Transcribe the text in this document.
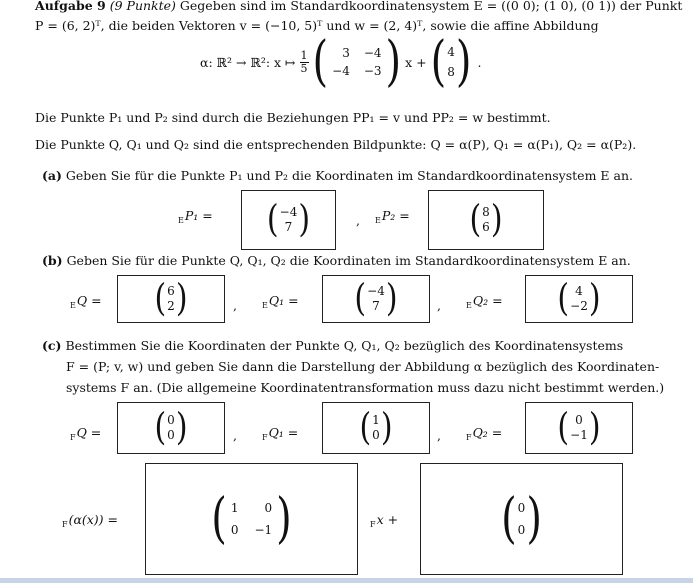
Aufgabe 9 (9 Punkte) Gegeben sind im Standardkoordinatensystem E = ((0 0); (1 0), (0 1)) der Punkt
P = (6, 2)ᵀ, die beiden Vektoren v = (−10, 5)ᵀ und w = (2, 4)ᵀ, sowie die affine Abbildung
α: ℝ² → ℝ²: x ↦ $\frac{1}{5}$ (	3 −4
−4 −3 ) x + ( 4
8 ) .
Die Punkte P₁ und P₂ sind durch die Beziehungen PP₁ = v und PP₂ = w bestimmt.
Die Punkte Q, Q₁ und Q₂ sind die entsprechenden Bildpunkte: Q = α(P), Q₁ = α(P₁), Q₂ = α(P₂).
(a) Geben Sie für die Punkte P₁ und P₂ die Koordinaten im Standardkoordinatensystem E an.
$_E$P₁ = ( −4
7 )	, $_E$P₂ = ( 8
6 )
(b) Geben Sie für die Punkte Q, Q₁, Q₂ die Koordinaten im Standardkoordinatensystem E an.
$_E$Q = ( 6
2 )	,	$_E$Q₁ = ( −4
7 )	,	$_E$Q₂ = ( 4
−2 )
(c) Bestimmen Sie die Koordinaten der Punkte Q, Q₁, Q₂ bezüglich des Koordinatensystems
F = (P; v, w) und geben Sie dann die Darstellung der Abbildung α bezüglich des Koordinaten-
systems F an. (Die allgemeine Koordinatentransformation muss dazu nicht bestimmt werden.)
$_F$Q = ( 0
0 )	,	$_F$Q₁ = ( 1
0 )	,	$_F$Q₂ = ( 0
−1 )
$_F$(α(x)) = ( 1	0
0 −1 )	$_F$x +	( 0
0 )
